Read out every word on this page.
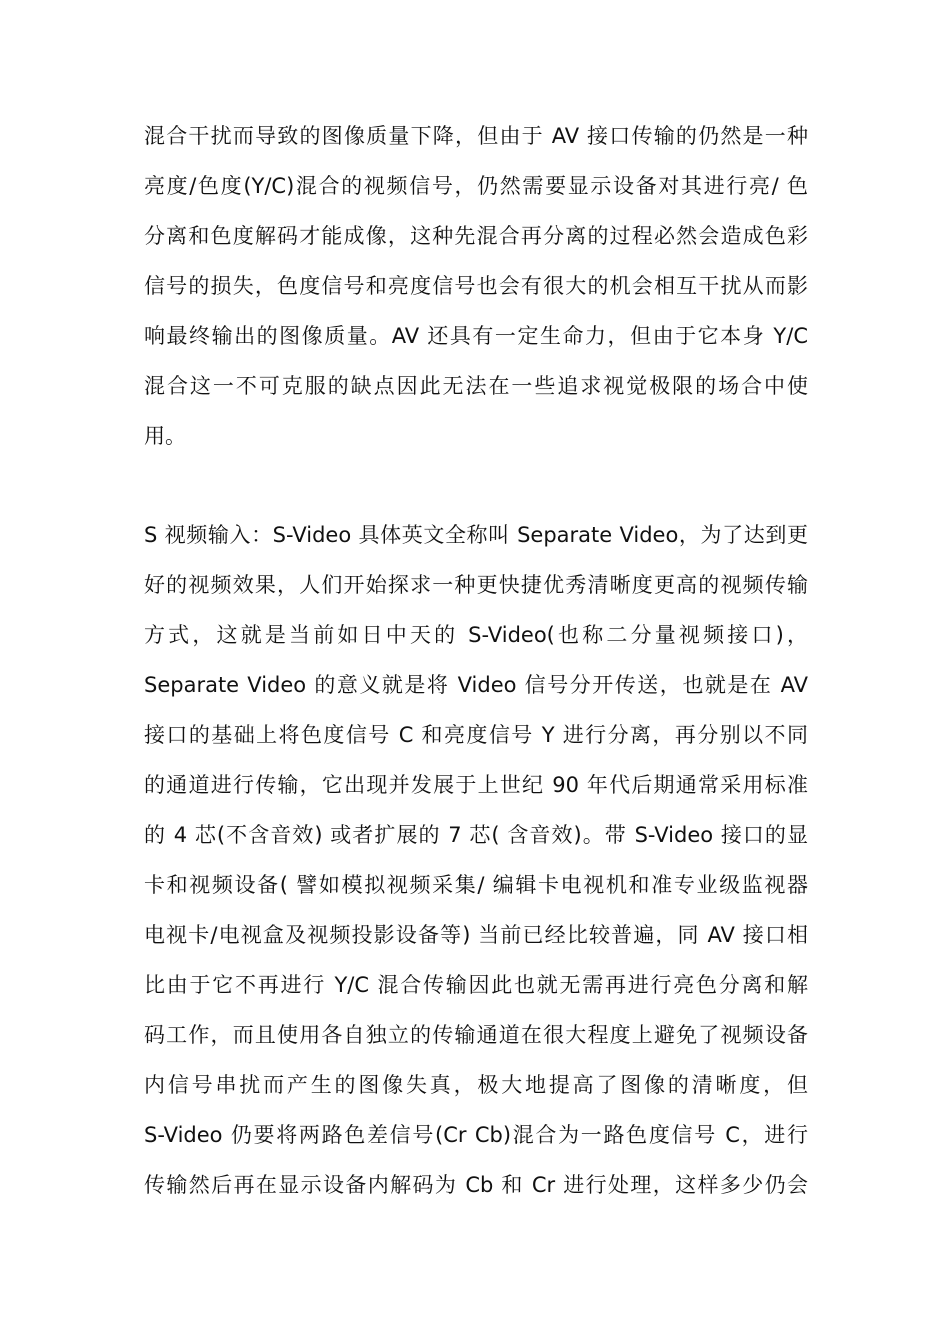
混合干扰而导致的图像质量下降，但由于 AV 接口传输的仍然是一种
亮度/色度(Y/C)混合的视频信号，仍然需要显示设备对其进行亮/ 色
分离和色度解码才能成像，这种先混合再分离的过程必然会造成色彩
信号的损失，色度信号和亮度信号也会有很大的机会相互干扰从而影
响最终输出的图像质量。AV 还具有一定生命力，但由于它本身 Y/C
混合这一不可克服的缺点因此无法在一些追求视觉极限的场合中使
用。
S 视频输入：S-Video 具体英文全称叫 Separate Video，为了达到更
好的视频效果，人们开始探求一种更快捷优秀清晰度更高的视频传输
方式，这就是当前如日中天的 S-Video(也称二分量视频接口)，
Separate Video 的意义就是将 Video 信号分开传送，也就是在 AV
接口的基础上将色度信号 C 和亮度信号 Y 进行分离，再分别以不同
的通道进行传输，它出现并发展于上世纪 90 年代后期通常采用标准
的 4 芯(不含音效) 或者扩展的 7 芯( 含音效)。带 S-Video 接口的显
卡和视频设备( 譬如模拟视频采集/ 编辑卡电视机和准专业级监视器
电视卡/电视盒及视频投影设备等) 当前已经比较普遍，同 AV 接口相
比由于它不再进行 Y/C 混合传输因此也就无需再进行亮色分离和解
码工作，而且使用各自独立的传输通道在很大程度上避免了视频设备
内信号串扰而产生的图像失真，极大地提高了图像的清晰度，但
S-Video 仍要将两路色差信号(Cr Cb)混合为一路色度信号 C，进行
传输然后再在显示设备内解码为 Cb 和 Cr 进行处理，这样多少仍会
